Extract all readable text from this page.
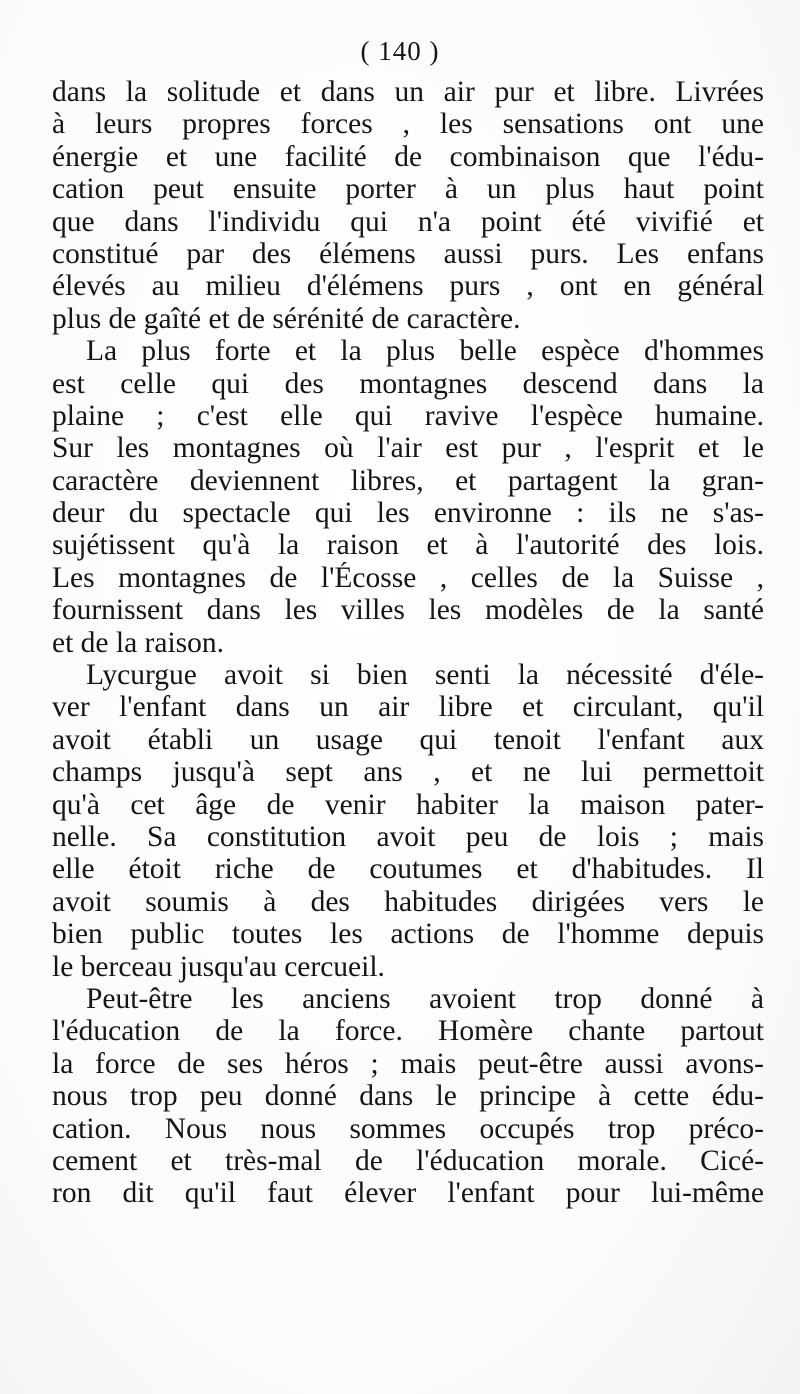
( 140 )
dans la solitude et dans un air pur et libre. Livrées
à leurs propres forces , les sensations ont une
énergie et une facilité de combinaison que l'édu-
cation peut ensuite porter à un plus haut point
que dans l'individu qui n'a point été vivifié et
constitué par des élémens aussi purs. Les enfans
élevés au milieu d'élémens purs , ont en général
plus de gaîté et de sérénité de caractère.
La plus forte et la plus belle espèce d'hommes
est celle qui des montagnes descend dans la
plaine ; c'est elle qui ravive l'espèce humaine.
Sur les montagnes où l'air est pur , l'esprit et le
caractère deviennent libres, et partagent la gran-
deur du spectacle qui les environne : ils ne s'as-
sujétissent qu'à la raison et à l'autorité des lois.
Les montagnes de l'Écosse , celles de la Suisse ,
fournissent dans les villes les modèles de la santé
et de la raison.
Lycurgue avoit si bien senti la nécessité d'éle-
ver l'enfant dans un air libre et circulant, qu'il
avoit établi un usage qui tenoit l'enfant aux
champs jusqu'à sept ans , et ne lui permettoit
qu'à cet âge de venir habiter la maison pater-
nelle. Sa constitution avoit peu de lois ; mais
elle étoit riche de coutumes et d'habitudes. Il
avoit soumis à des habitudes dirigées vers le
bien public toutes les actions de l'homme depuis
le berceau jusqu'au cercueil.
Peut-être les anciens avoient trop donné à
l'éducation de la force. Homère chante partout
la force de ses héros ; mais peut-être aussi avons-
nous trop peu donné dans le principe à cette édu-
cation. Nous nous sommes occupés trop préco-
cement et très-mal de l'éducation morale. Cicé-
ron dit qu'il faut élever l'enfant pour lui-même
